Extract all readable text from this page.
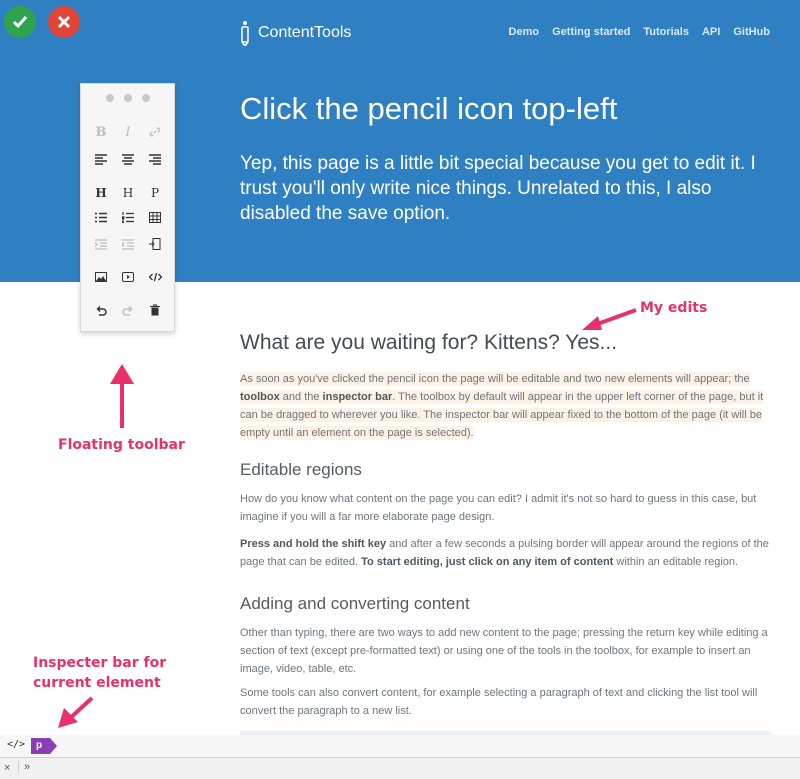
ContentTools	Demo Getting started Tutorials API GitHub
Click the pencil icon top-left
Yep, this page is a little bit special because you get to edit it. I trust you'll only write nice things. Unrelated to this, I also disabled the save option.
B	I
H	H	P
What are you waiting for? Kittens? Yes...
As soon as you've clicked the pencil icon the page will be editable and two new elements will appear; the toolbox and the inspector bar. The toolbox by default will appear in the upper left corner of the page, but it can be dragged to wherever you like. The inspector bar will appear fixed to the bottom of the page (it will be empty until an element on the page is selected).
Editable regions
How do you know what content on the page you can edit? I admit it's not so hard to guess in this case, but imagine if you will a far more elaborate page design.
Press and hold the shift key and after a few seconds a pulsing border will appear around the regions of the page that can be edited. To start editing, just click on any item of content within an editable region.
Adding and converting content
Other than typing, there are two ways to add new content to the page; pressing the return key while editing a section of text (except pre-formatted text) or using one of the tools in the toolbox, for example to insert an image, video, table, etc.
Some tools can also convert content, for example selecting a paragraph of text and clicking the list tool will convert the paragraph to a new list.
My edits
Floating toolbar
Inspecter bar for
current element
</> p
×	»
